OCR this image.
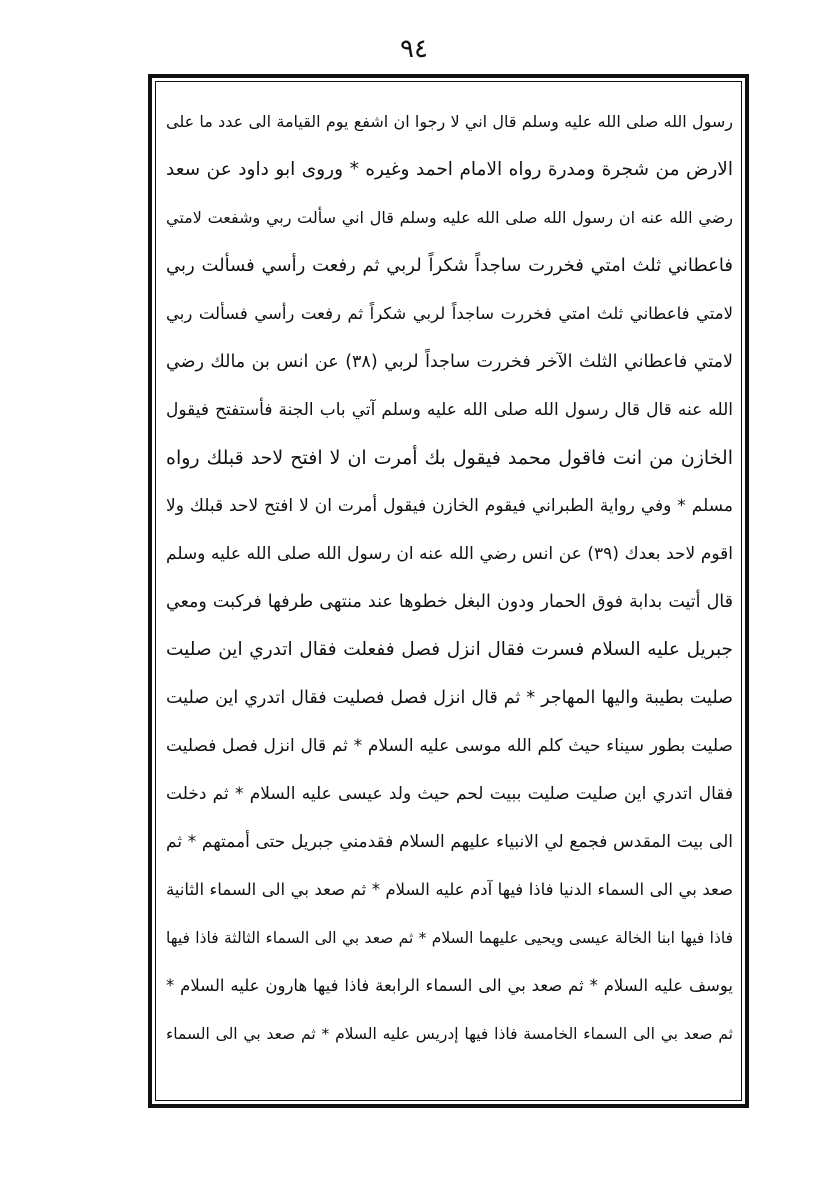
٩٤
رسول الله صلى الله عليه وسلم قال اني لا رجوا ان اشفع يوم القيامة الى عدد ما على
الارض من شجرة ومدرة رواه الامام احمد وغيره * وروى ابو داود عن سعد
رضي الله عنه ان رسول الله صلى الله عليه وسلم قال اني سألت ربي وشفعت لامتي
فاعطاني ثلث امتي فخررت ساجداً شكراً لربي ثم رفعت رأسي فسألت ربي
لامتي فاعطاني ثلث امتي فخررت ساجداً لربي شكراً ثم رفعت رأسي فسألت ربي
لامتي فاعطاني الثلث الآخر فخررت ساجداً لربي (٣٨) عن انس بن مالك رضي
الله عنه قال قال رسول الله صلى الله عليه وسلم آتي باب الجنة فأستفتح فيقول
الخازن من انت فاقول محمد فيقول بك أمرت ان لا افتح لاحد قبلك رواه
مسلم * وفي رواية الطبراني فيقوم الخازن فيقول أمرت ان لا افتح لاحد قبلك ولا
اقوم لاحد بعدك (٣٩) عن انس رضي الله عنه ان رسول الله صلى الله عليه وسلم
قال أتيت بدابة فوق الحمار ودون البغل خطوها عند منتهى طرفها فركبت ومعي
جبريل عليه السلام فسرت فقال انزل فصل ففعلت فقال اتدري اين صليت
صليت بطيبة واليها المهاجر * ثم قال انزل فصل فصليت فقال اتدري اين صليت
صليت بطور سيناء حيث كلم الله موسى عليه السلام * ثم قال انزل فصل فصليت
فقال اتدري اين صليت صليت ببيت لحم حيث ولد عيسى عليه السلام * ثم دخلت
الى بيت المقدس فجمع لي الانبياء عليهم السلام فقدمني جبريل حتى أممتهم * ثم
صعد بي الى السماء الدنيا فاذا فيها آدم عليه السلام * ثم صعد بي الى السماء الثانية
فاذا فيها ابنا الخالة عيسى ويحيى عليهما السلام * ثم صعد بي الى السماء الثالثة فاذا فيها
يوسف عليه السلام * ثم صعد بي الى السماء الرابعة فاذا فيها هارون عليه السلام *
ثم صعد بي الى السماء الخامسة فاذا فيها إدريس عليه السلام * ثم صعد بي الى السماء
